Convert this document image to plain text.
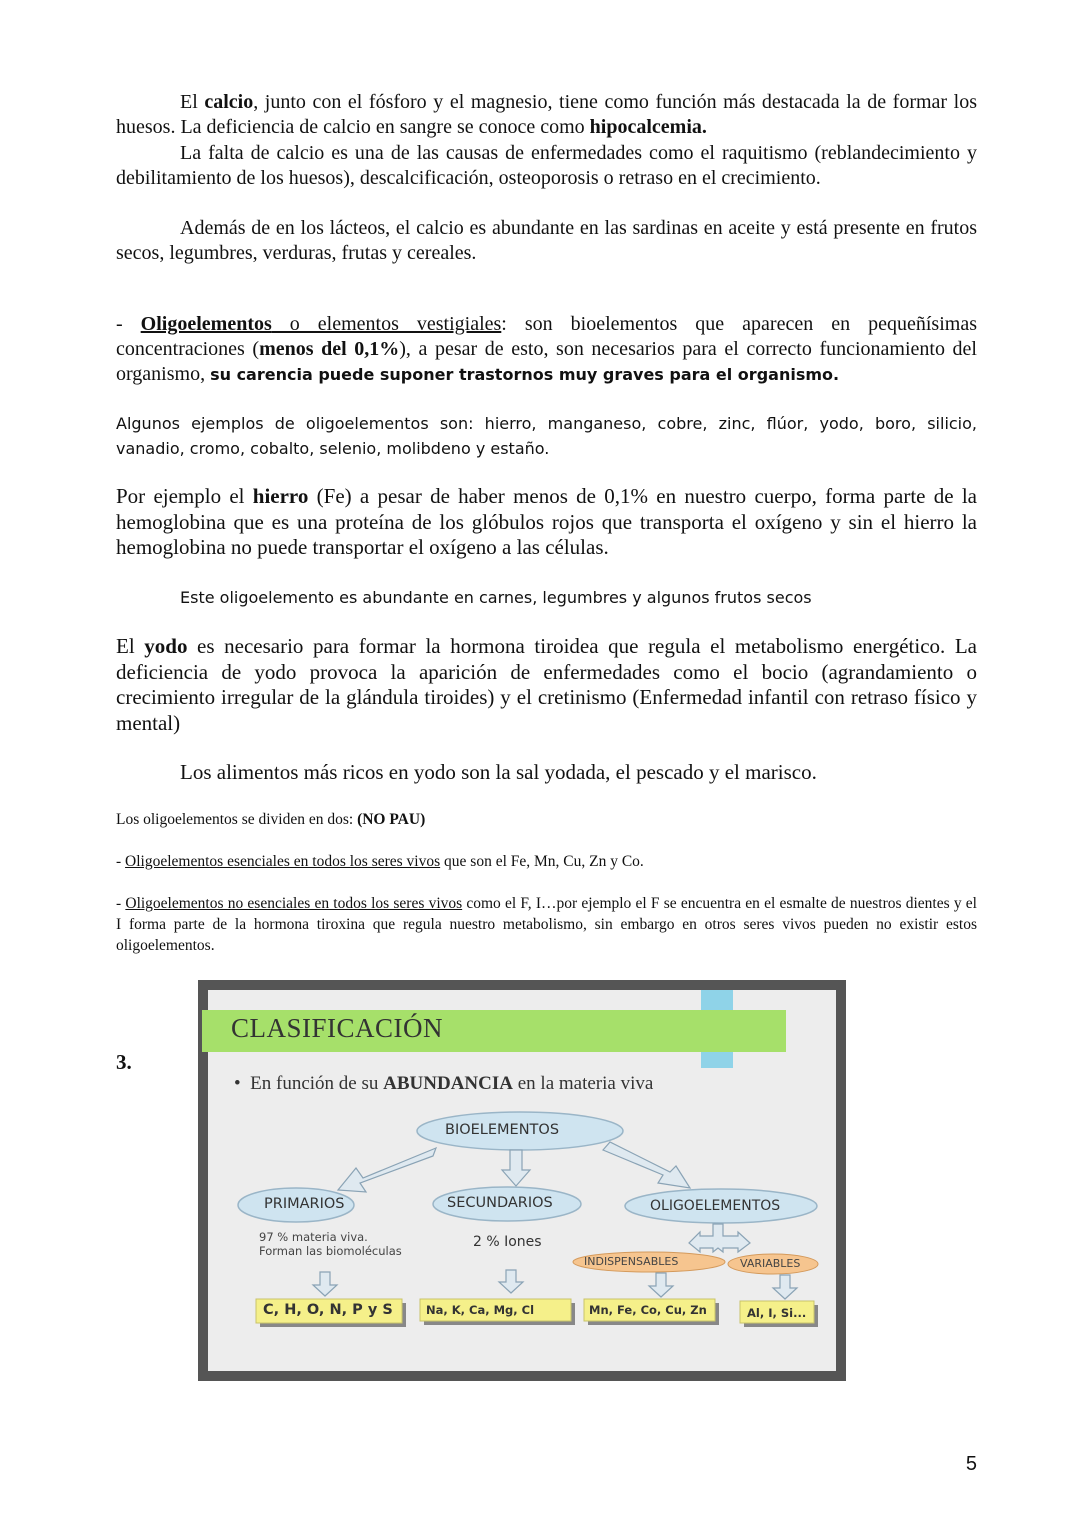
El calcio, junto con el fósforo y el magnesio, tiene como función más destacada la de formar los huesos. La deficiencia de calcio en sangre se conoce como hipocalcemia.

La falta de calcio es una de las causas de enfermedades como el raquitismo (reblandecimiento y debilitamiento de los huesos), descalcificación, osteoporosis o retraso en el crecimiento.

Además de en los lácteos, el calcio es abundante en las sardinas en aceite y está presente en frutos secos, legumbres, verduras, frutas y cereales.

- Oligoelementos o elementos vestigiales: son bioelementos que aparecen en pequeñísimas concentraciones (menos del 0,1%), a pesar de esto, son necesarios para el correcto funcionamiento del organismo, su carencia puede suponer trastornos muy graves para el organismo.

Algunos ejemplos de oligoelementos son: hierro, manganeso, cobre, zinc, flúor, yodo, boro, silicio, vanadio, cromo, cobalto, selenio, molibdeno y estaño.

Por ejemplo el hierro (Fe) a pesar de haber menos de 0,1% en nuestro cuerpo, forma parte de la hemoglobina que es una proteína de los glóbulos rojos que transporta el oxígeno y sin el hierro la hemoglobina no puede transportar el oxígeno a las células.

Este oligoelemento es abundante en carnes, legumbres y algunos frutos secos

El yodo es necesario para formar la hormona tiroidea que regula el metabolismo energético. La deficiencia de yodo provoca la aparición de enfermedades como el bocio (agrandamiento o crecimiento irregular de la glándula tiroides) y el cretinismo (Enfermedad infantil con retraso físico y mental)

Los alimentos más ricos en yodo son la sal yodada, el pescado y el marisco.

Los oligoelementos se dividen en dos: (NO PAU)

- Oligoelementos esenciales en todos los seres vivos que son el Fe, Mn, Cu, Zn y Co.

- Oligoelementos no esenciales en todos los seres vivos como el F, I…por ejemplo el F se encuentra en el esmalte de nuestros dientes y el I forma parte de la hormona tiroxina que regula nuestro metabolismo, sin embargo en otros seres vivos pueden no existir estos oligoelementos.

3.
CLASIFICACIÓN
• En función de su ABUNDANCIA en la materia viva
BIOELEMENTOS
PRIMARIOS	SECUNDARIOS	OLIGOELEMENTOS
97 % materia viva.
Forman las biomoléculas
2 % Iones
INDISPENSABLES	VARIABLES
C, H, O, N, P y S	Na, K, Ca, Mg, Cl	Mn, Fe, Co, Cu, Zn	Al, I, Si...
5
